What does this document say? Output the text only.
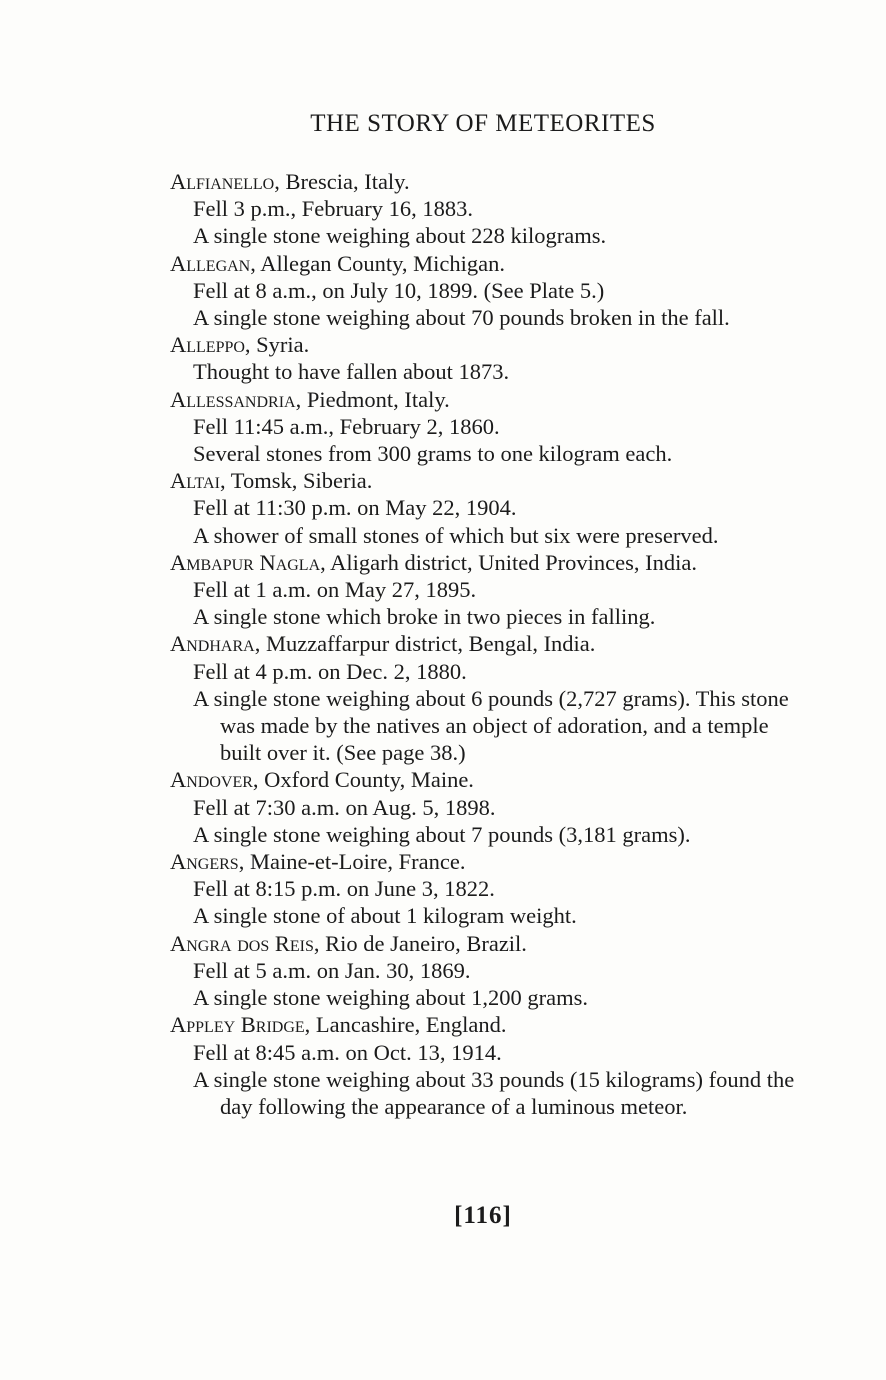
THE STORY OF METEORITES

Alfianello, Brescia, Italy.

Fell 3 p.m., February 16, 1883.

A single stone weighing about 228 kilograms.

Allegan, Allegan County, Michigan.

Fell at 8 a.m., on July 10, 1899. (See Plate 5.)

A single stone weighing about 70 pounds broken in the fall.

Alleppo, Syria.

Thought to have fallen about 1873.

Allessandria, Piedmont, Italy.

Fell 11:45 a.m., February 2, 1860.

Several stones from 300 grams to one kilogram each.

Altai, Tomsk, Siberia.

Fell at 11:30 p.m. on May 22, 1904.

A shower of small stones of which but six were preserved.

Ambapur Nagla, Aligarh district, United Provinces, India.

Fell at 1 a.m. on May 27, 1895.

A single stone which broke in two pieces in falling.

Andhara, Muzzaffarpur district, Bengal, India.

Fell at 4 p.m. on Dec. 2, 1880.

A single stone weighing about 6 pounds (2,727 grams). This stone was made by the natives an object of adoration, and a temple built over it. (See page 38.)

Andover, Oxford County, Maine.

Fell at 7:30 a.m. on Aug. 5, 1898.

A single stone weighing about 7 pounds (3,181 grams).

Angers, Maine-et-Loire, France.

Fell at 8:15 p.m. on June 3, 1822.

A single stone of about 1 kilogram weight.

Angra dos Reis, Rio de Janeiro, Brazil.

Fell at 5 a.m. on Jan. 30, 1869.

A single stone weighing about 1,200 grams.

Appley Bridge, Lancashire, England.

Fell at 8:45 a.m. on Oct. 13, 1914.

A single stone weighing about 33 pounds (15 kilograms) found the day following the appearance of a luminous meteor.

[116]
